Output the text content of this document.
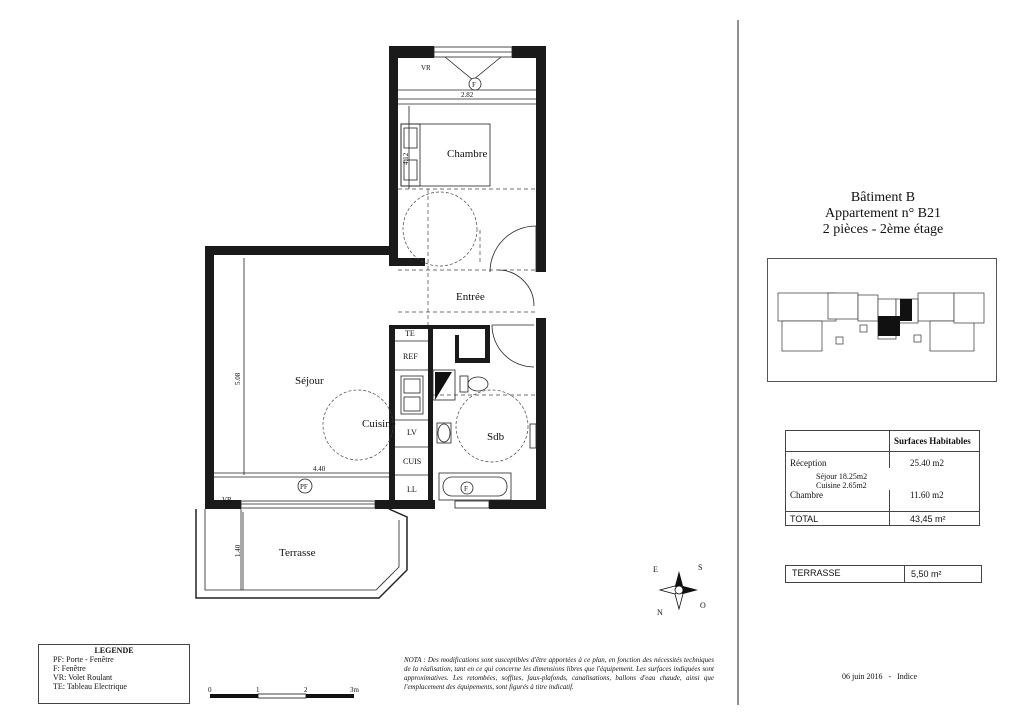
Chambre
Entrée
Séjour
Cuisine
Sdb
Terrasse
TE
REF
LV
CUIS
LL
VR
VR
F
F
PF
2.82
4.12
5.08
4.40
1.40
E	S
N
O
0	1	2	3m
Bâtiment B
Appartement n° B21
2 pièces - 2ème étage
	Surfaces Habitables
Réception	25.40 m2
Séjour 18.25m2	
Cuisine 2.65m2	
Chambre	11.60 m2
TOTAL	43,45 m²
TERRASSE	5,50 m²
LEGENDE
PF: Porte - Fenêtre
F: Fenêtre
VR: Volet Roulant
TE: Tableau Electrique
NOTA : Des modifications sont susceptibles d'être apportées à ce plan, en fonction des nécessités techniques de la réalisation, tant en ce qui concerne les dimensions libres que l'équipement. Les surfaces indiquées sont approximatives. Les retombées, soffites, faux-plafonds, canalisations, ballons d'eau chaude, ainsi que l'emplacement des équipements, sont figurés à titre indicatif.
06 juin 2016 - Indice
